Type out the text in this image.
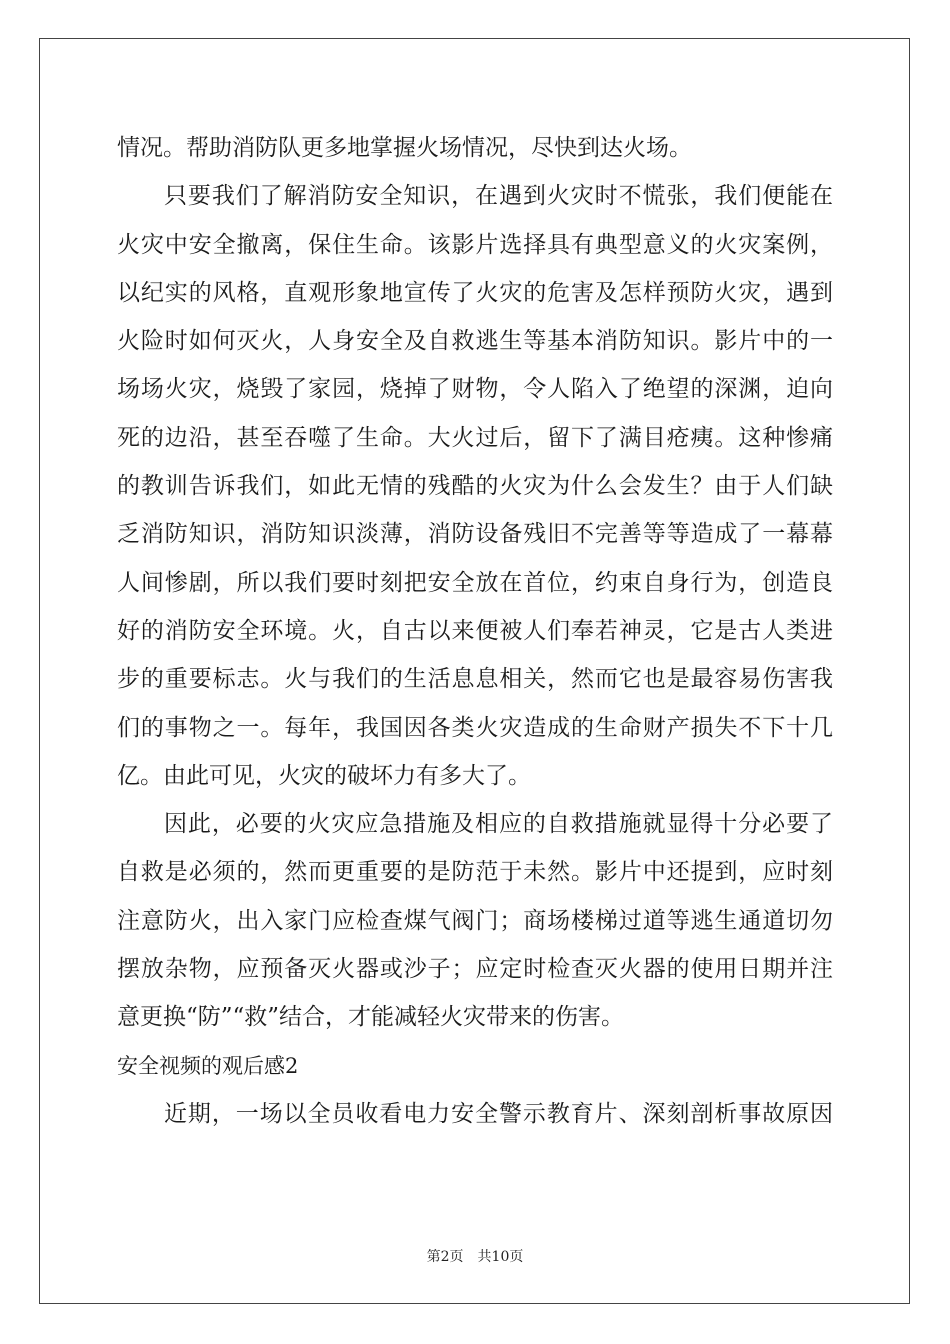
情况。帮助消防队更多地掌握火场情况，尽快到达火场。
只要我们了解消防安全知识，在遇到火灾时不慌张，我们便能在
火灾中安全撤离，保住生命。该影片选择具有典型意义的火灾案例，
以纪实的风格，直观形象地宣传了火灾的危害及怎样预防火灾，遇到
火险时如何灭火，人身安全及自救逃生等基本消防知识。影片中的一
场场火灾，烧毁了家园，烧掉了财物，令人陷入了绝望的深渊，迫向
死的边沿，甚至吞噬了生命。大火过后，留下了满目疮痍。这种惨痛
的教训告诉我们，如此无情的残酷的火灾为什么会发生？由于人们缺
乏消防知识，消防知识淡薄，消防设备残旧不完善等等造成了一幕幕
人间惨剧，所以我们要时刻把安全放在首位，约束自身行为，创造良
好的消防安全环境。火，自古以来便被人们奉若神灵，它是古人类进
步的重要标志。火与我们的生活息息相关，然而它也是最容易伤害我
们的事物之一。每年，我国因各类火灾造成的生命财产损失不下十几
亿。由此可见，火灾的破坏力有多大了。
因此，必要的火灾应急措施及相应的自救措施就显得十分必要了
自救是必须的，然而更重要的是防范于未然。影片中还提到，应时刻
注意防火，出入家门应检查煤气阀门；商场楼梯过道等逃生通道切勿
摆放杂物，应预备灭火器或沙子；应定时检查灭火器的使用日期并注
意更换“防”“救”结合，才能减轻火灾带来的伤害。
安全视频的观后感2
近期，一场以全员收看电力安全警示教育片、深刻剖析事故原因
第2页　共10页
